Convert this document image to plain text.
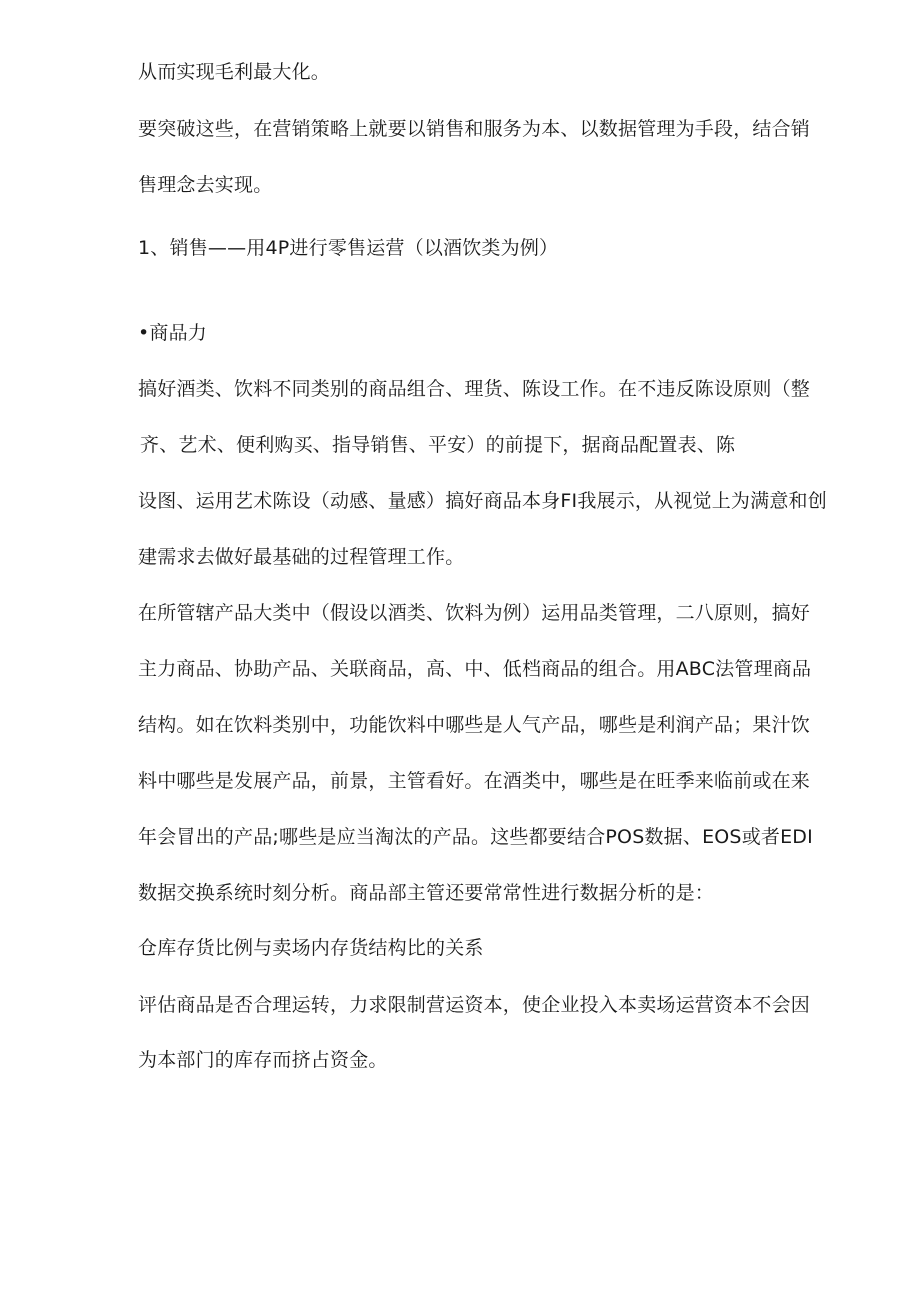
从而实现毛利最大化。
要突破这些，在营销策略上就要以销售和服务为本、以数据管理为手段，结合销
售理念去实现。
1、销售——用4P进行零售运营（以酒饮类为例）
•商品力
搞好酒类、饮料不同类别的商品组合、理货、陈设工作。在不违反陈设原则（整
齐、艺术、便利购买、指导销售、平安）的前提下，据商品配置表、陈
设图、运用艺术陈设（动感、量感）搞好商品本身FI我展示，从视觉上为满意和创
建需求去做好最基础的过程管理工作。
在所管辖产品大类中（假设以酒类、饮料为例）运用品类管理，二八原则，搞好
主力商品、协助产品、关联商品，高、中、低档商品的组合。用ABC法管理商品
结构。如在饮料类别中，功能饮料中哪些是人气产品，哪些是利润产品；果汁饮
料中哪些是发展产品，前景，主管看好。在酒类中，哪些是在旺季来临前或在来
年会冒出的产品;哪些是应当淘汰的产品。这些都要结合POS数据、EOS或者EDI
数据交换系统时刻分析。商品部主管还要常常性进行数据分析的是：
仓库存货比例与卖场内存货结构比的关系
评估商品是否合理运转，力求限制营运资本，使企业投入本卖场运营资本不会因
为本部门的库存而挤占资金。
